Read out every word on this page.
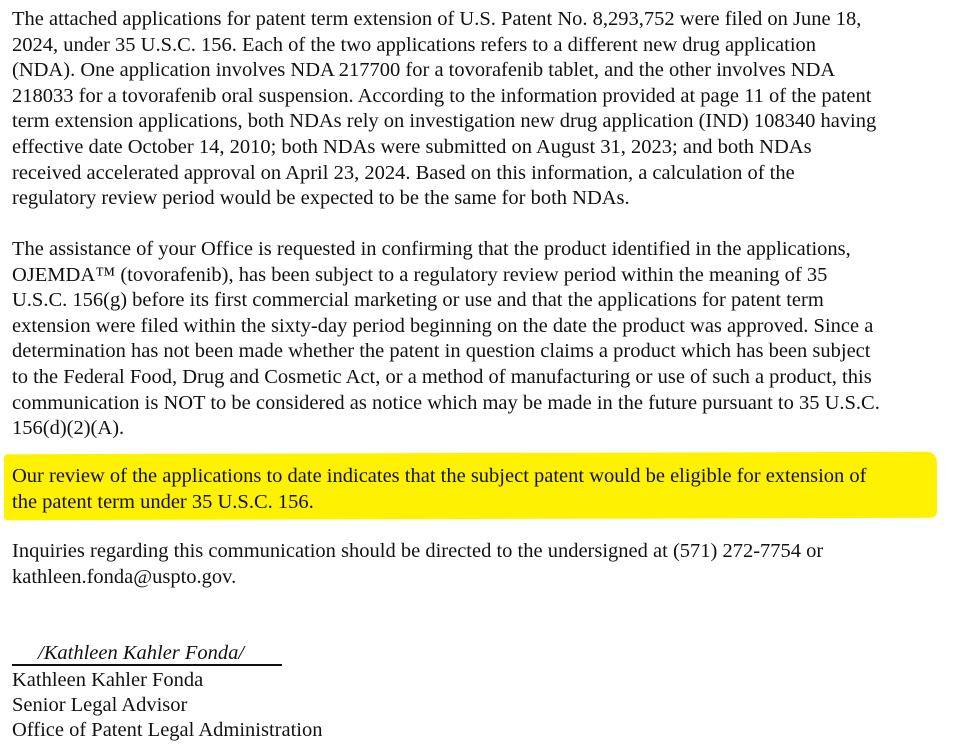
The attached applications for patent term extension of U.S. Patent No. 8,293,752 were filed on June 18,
2024, under 35 U.S.C. 156. Each of the two applications refers to a different new drug application
(NDA). One application involves NDA 217700 for a tovorafenib tablet, and the other involves NDA
218033 for a tovorafenib oral suspension. According to the information provided at page 11 of the patent
term extension applications, both NDAs rely on investigation new drug application (IND) 108340 having
effective date October 14, 2010; both NDAs were submitted on August 31, 2023; and both NDAs
received accelerated approval on April 23, 2024. Based on this information, a calculation of the
regulatory review period would be expected to be the same for both NDAs.

The assistance of your Office is requested in confirming that the product identified in the applications,
OJEMDA™ (tovorafenib), has been subject to a regulatory review period within the meaning of 35
U.S.C. 156(g) before its first commercial marketing or use and that the applications for patent term
extension were filed within the sixty-day period beginning on the date the product was approved. Since a
determination has not been made whether the patent in question claims a product which has been subject
to the Federal Food, Drug and Cosmetic Act, or a method of manufacturing or use of such a product, this
communication is NOT to be considered as notice which may be made in the future pursuant to 35 U.S.C.
156(d)(2)(A).

Our review of the applications to date indicates that the subject patent would be eligible for extension of
the patent term under 35 U.S.C. 156.

Inquiries regarding this communication should be directed to the undersigned at (571) 272-7754 or
kathleen.fonda@uspto.gov.

/Kathleen Kahler Fonda/
Kathleen Kahler Fonda
Senior Legal Advisor
Office of Patent Legal Administration
